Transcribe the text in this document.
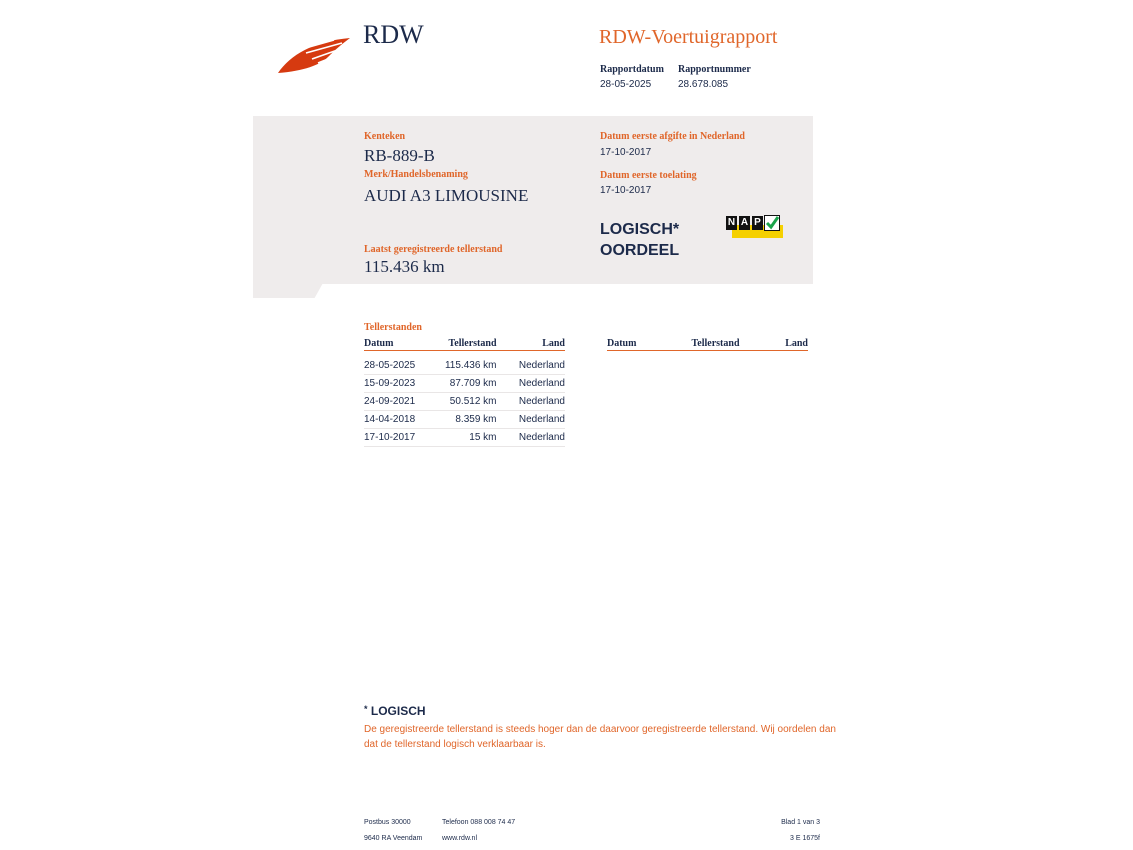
RDW	RDW-Voertuigrapport
Rapportdatum
28-05-2025
Rapportnummer
28.678.085
Kenteken
RB-889-B
Merk/Handelsbenaming
AUDI A3 LIMOUSINE
Laatst geregistreerde tellerstand
115.436 km
Datum eerste afgifte in Nederland
17-10-2017
Datum eerste toelating
17-10-2017
LOGISCH*
OORDEEL
N A P
Tellerstanden
Datum	Tellerstand	Land
28-05-2025	115.436 km	Nederland
15-09-2023	87.709 km	Nederland
24-09-2021	50.512 km	Nederland
14-04-2018	8.359 km	Nederland
17-10-2017	15 km	Nederland
Datum	Tellerstand	Land
* LOGISCH
De geregistreerde tellerstand is steeds hoger dan de daarvoor geregistreerde tellerstand. Wij oordelen dan
dat de tellerstand logisch verklaarbaar is.
Postbus 30000
9640 RA Veendam
Telefoon 088 008 74 47
www.rdw.nl
Blad 1 van 3
3 E 1675f
